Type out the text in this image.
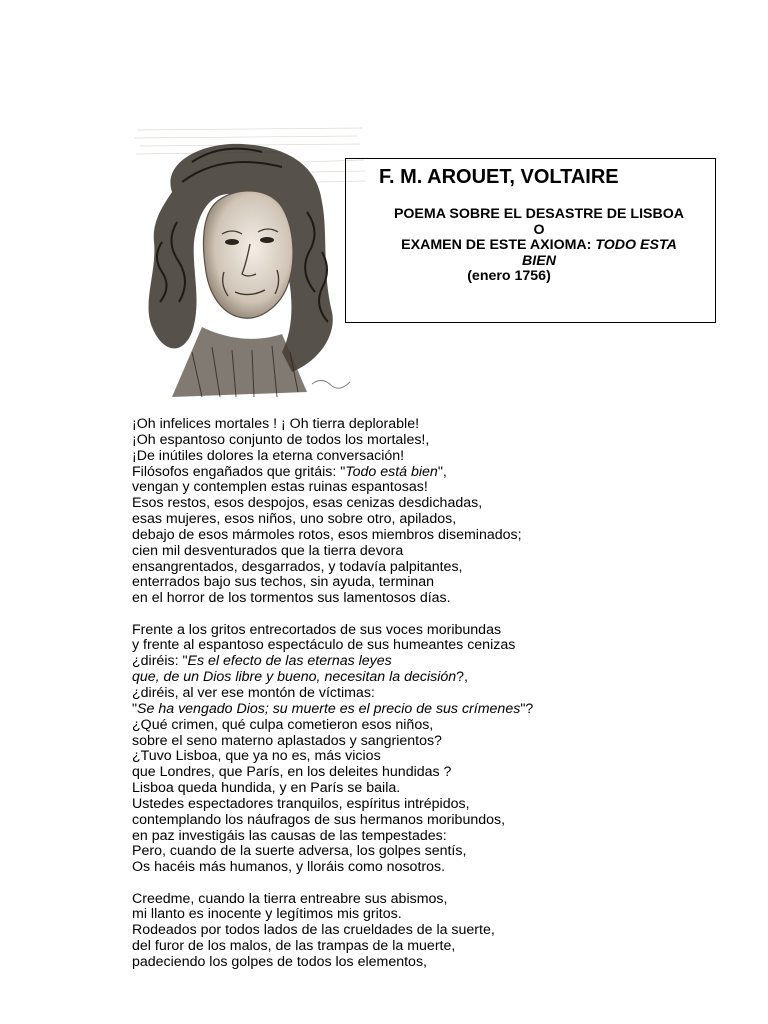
F. M. AROUET, VOLTAIRE
POEMA SOBRE EL DESASTRE DE LISBOA
O
EXAMEN DE ESTE AXIOMA: TODO ESTA
BIEN
(enero 1756)
¡Oh infelices mortales ! ¡ Oh tierra deplorable!
¡Oh espantoso conjunto de todos los mortales!,
¡De inútiles dolores la eterna conversación!
Filósofos engañados que gritáis: "Todo está bien",
vengan y contemplen estas ruinas espantosas!
Esos restos, esos despojos, esas cenizas desdichadas,
esas mujeres, esos niños, uno sobre otro, apilados,
debajo de esos mármoles rotos, esos miembros diseminados;
cien mil desventurados que la tierra devora
ensangrentados, desgarrados, y todavía palpitantes,
enterrados bajo sus techos, sin ayuda, terminan
en el horror de los tormentos sus lamentosos días.
Frente a los gritos entrecortados de sus voces moribundas
y frente al espantoso espectáculo de sus humeantes cenizas
¿diréis: "Es el efecto de las eternas leyes
que, de un Dios libre y bueno, necesitan la decisión?,
¿diréis, al ver ese montón de víctimas:
"Se ha vengado Dios; su muerte es el precio de sus crímenes"?
¿Qué crimen, qué culpa cometieron esos niños,
sobre el seno materno aplastados y sangrientos?
¿Tuvo Lisboa, que ya no es, más vicios
que Londres, que París, en los deleites hundidas ?
Lisboa queda hundida, y en París se baila.
Ustedes espectadores tranquilos, espíritus intrépidos,
contemplando los náufragos de sus hermanos moribundos,
en paz investigáis las causas de las tempestades:
Pero, cuando de la suerte adversa, los golpes sentís,
Os hacéis más humanos, y lloráis como nosotros.
Creedme, cuando la tierra entreabre sus abismos,
mi llanto es inocente y legítimos mis gritos.
Rodeados por todos lados de las crueldades de la suerte,
del furor de los malos, de las trampas de la muerte,
padeciendo los golpes de todos los elementos,
